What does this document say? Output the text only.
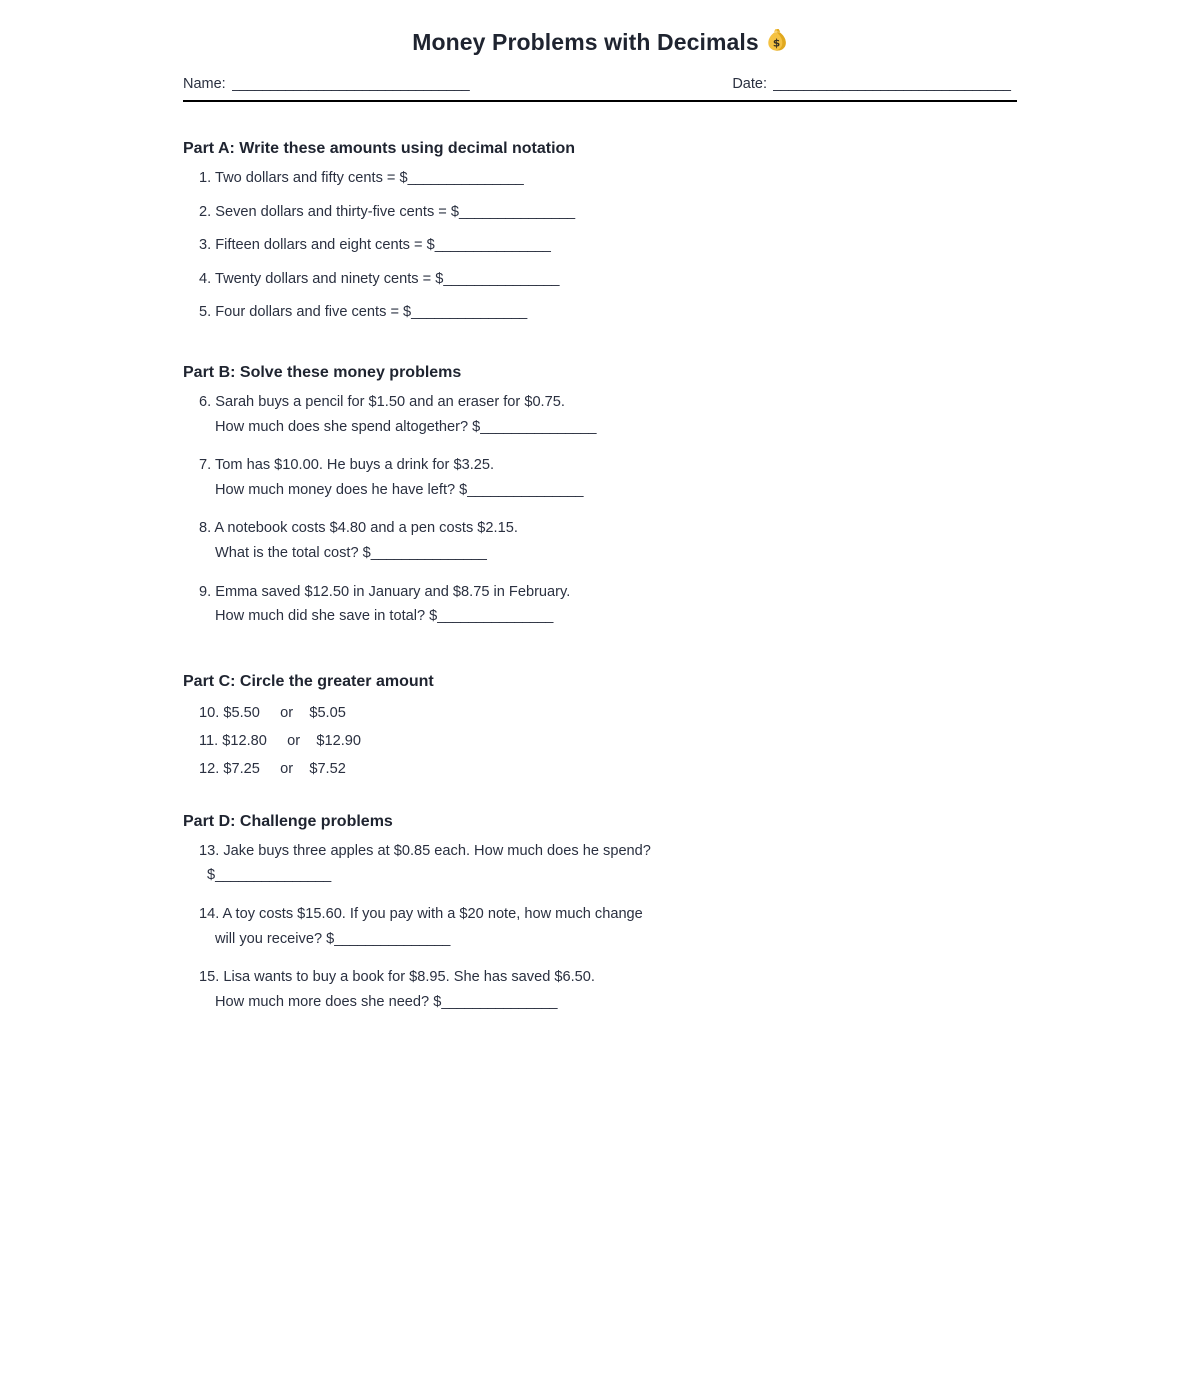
Money Problems with Decimals $
Name: _______________________________	Date: _______________________________
Part A: Write these amounts using decimal notation
1. Two dollars and fifty cents = $_______________
2. Seven dollars and thirty-five cents = $_______________
3. Fifteen dollars and eight cents = $_______________
4. Twenty dollars and ninety cents = $_______________
5. Four dollars and five cents = $_______________
Part B: Solve these money problems
6. Sarah buys a pencil for $1.50 and an eraser for $0.75.
How much does she spend altogether? $_______________
7. Tom has $10.00. He buys a drink for $3.25.
How much money does he have left? $_______________
8. A notebook costs $4.80 and a pen costs $2.15.
What is the total cost? $_______________
9. Emma saved $12.50 in January and $8.75 in February.
How much did she save in total? $_______________
Part C: Circle the greater amount
10. $5.50     or    $5.05
11. $12.80     or    $12.90
12. $7.25     or    $7.52
Part D: Challenge problems
13. Jake buys three apples at $0.85 each. How much does he spend?
$_______________
14. A toy costs $15.60. If you pay with a $20 note, how much change
will you receive? $_______________
15. Lisa wants to buy a book for $8.95. She has saved $6.50.
How much more does she need? $_______________
